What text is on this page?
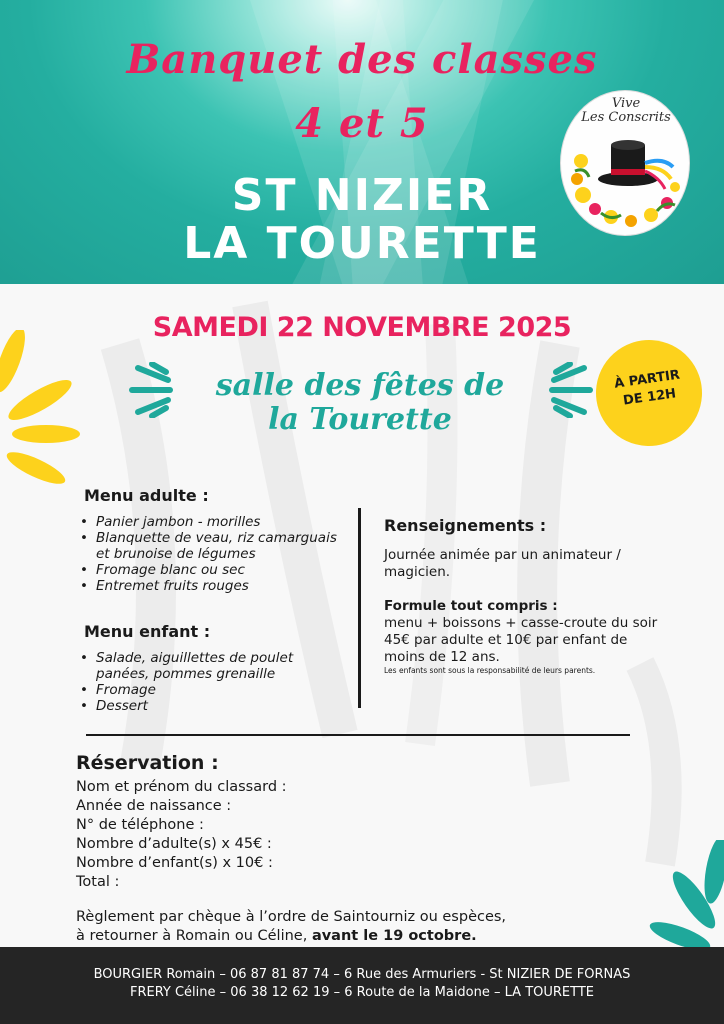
Banquet des classes
4 et 5
ST NIZIER
LA TOURETTE
Vive
Les Conscrits
SAMEDI 22 NOVEMBRE 2025
salle des fêtes de
la Tourette
À PARTIR
DE 12H
Menu adulte :
• Panier jambon - morilles
• Blanquette de veau, riz camarguais
et brunoise de légumes
• Fromage blanc ou sec
• Entremet fruits rouges
Menu enfant :
• Salade, aiguillettes de poulet
panées, pommes grenaille
• Fromage
• Dessert
Renseignements :
Journée animée par un animateur /
magicien.
Formule tout compris :
menu + boissons + casse-croute du soir
45€ par adulte et 10€ par enfant de
moins de 12 ans.
Les enfants sont sous la responsabilité de leurs parents.
Réservation :
Nom et prénom du classard :
Année de naissance :
N° de téléphone :
Nombre d’adulte(s) x 45€ :
Nombre d’enfant(s) x 10€ :
Total :
Règlement par chèque à l’ordre de Saintourniz ou espèces,
à retourner à Romain ou Céline, avant le 19 octobre.
BOURGIER Romain – 06 87 81 87 74 – 6 Rue des Armuriers - St NIZIER DE FORNAS
FRERY Céline – 06 38 12 62 19 – 6 Route de la Maidone – LA TOURETTE
